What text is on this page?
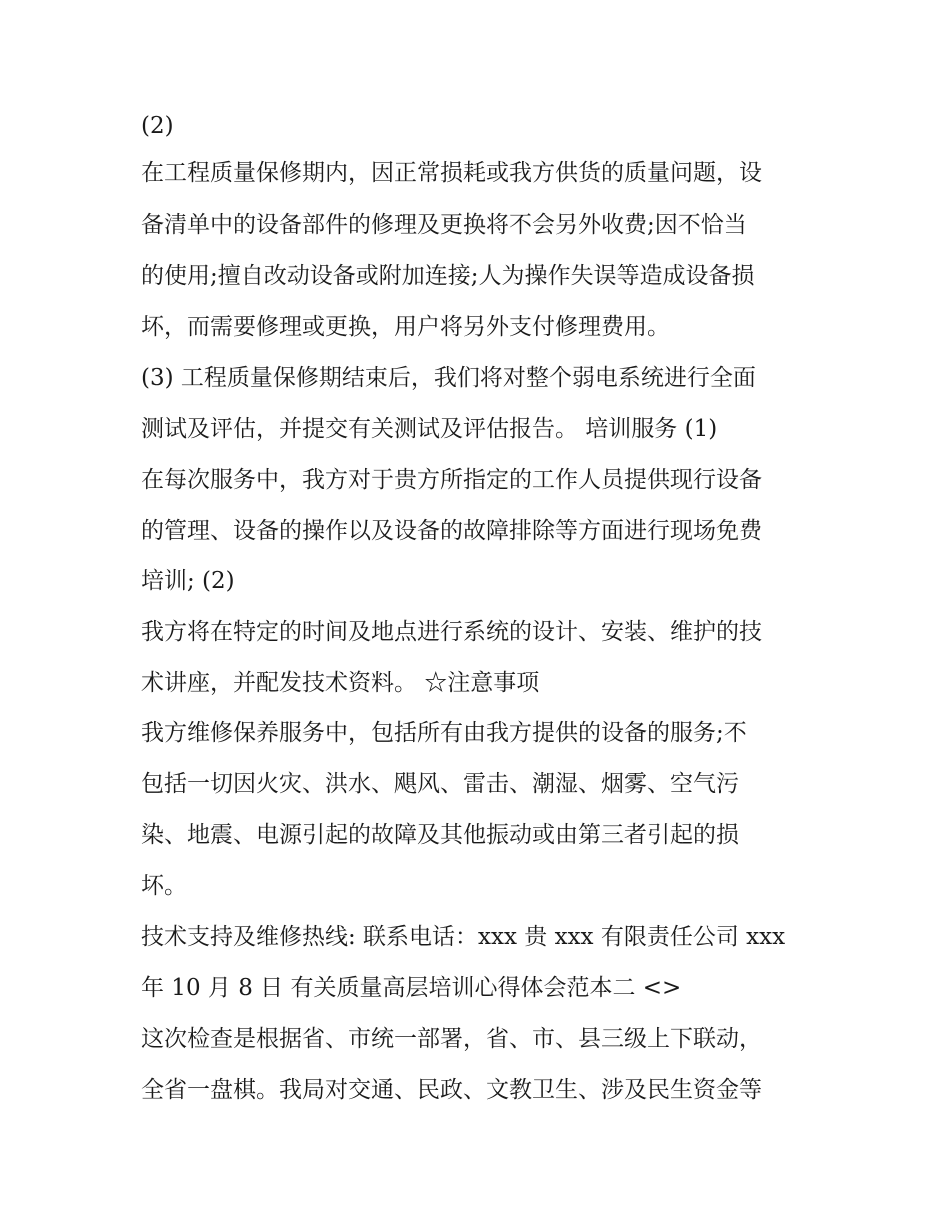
(2)

在工程质量保修期内，因正常损耗或我方供货的质量问题，设

备清单中的设备部件的修理及更换将不会另外收费;因不恰当

的使用;擅自改动设备或附加连接;人为操作失误等造成设备损

坏，而需要修理或更换，用户将另外支付修理费用。

(3) 工程质量保修期结束后，我们将对整个弱电系统进行全面

测试及评估，并提交有关测试及评估报告。 培训服务 (1)

在每次服务中，我方对于贵方所指定的工作人员提供现行设备

的管理、设备的操作以及设备的故障排除等方面进行现场免费

培训; (2)

我方将在特定的时间及地点进行系统的设计、安装、维护的技

术讲座，并配发技术资料。 ☆注意事项

我方维修保养服务中，包括所有由我方提供的设备的服务;不

包括一切因火灾、洪水、飓风、雷击、潮湿、烟雾、空气污

染、地震、电源引起的故障及其他振动或由第三者引起的损

坏。

技术支持及维修热线: 联系电话：xxx 贵 xxx 有限责任公司 xxx

年 10 月 8 日 有关质量高层培训心得体会范本二 <>

这次检查是根据省、市统一部署，省、市、县三级上下联动，

全省一盘棋。我局对交通、民政、文教卫生、涉及民生资金等
